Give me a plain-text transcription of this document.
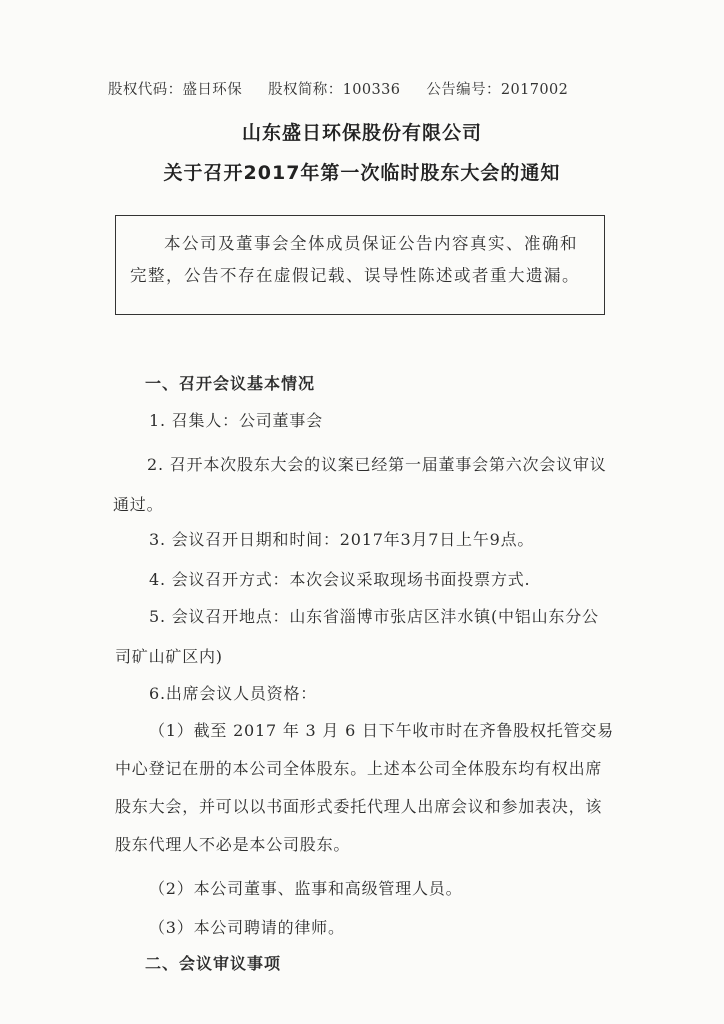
股权代码：盛日环保 股权简称：100336 公告编号：2017002
山东盛日环保股份有限公司
关于召开2017年第一次临时股东大会的通知
本公司及董事会全体成员保证公告内容真实、准确和完整，公告不存在虚假记载、误导性陈述或者重大遗漏。

一、召开会议基本情况

1. 召集人：公司董事会

2. 召开本次股东大会的议案已经第一届董事会第六次会议审议通过。

3. 会议召开日期和时间：2017年3月7日上午9点。

4. 会议召开方式：本次会议采取现场书面投票方式.

5. 会议召开地点：山东省淄博市张店区沣水镇(中铝山东分公司矿山矿区内)

6.出席会议人员资格：

（1）截至 2017 年 3 月 6 日下午收市时在齐鲁股权托管交易中心登记在册的本公司全体股东。上述本公司全体股东均有权出席股东大会，并可以以书面形式委托代理人出席会议和参加表决，该股东代理人不必是本公司股东。

（2）本公司董事、监事和高级管理人员。

（3）本公司聘请的律师。

二、会议审议事项
